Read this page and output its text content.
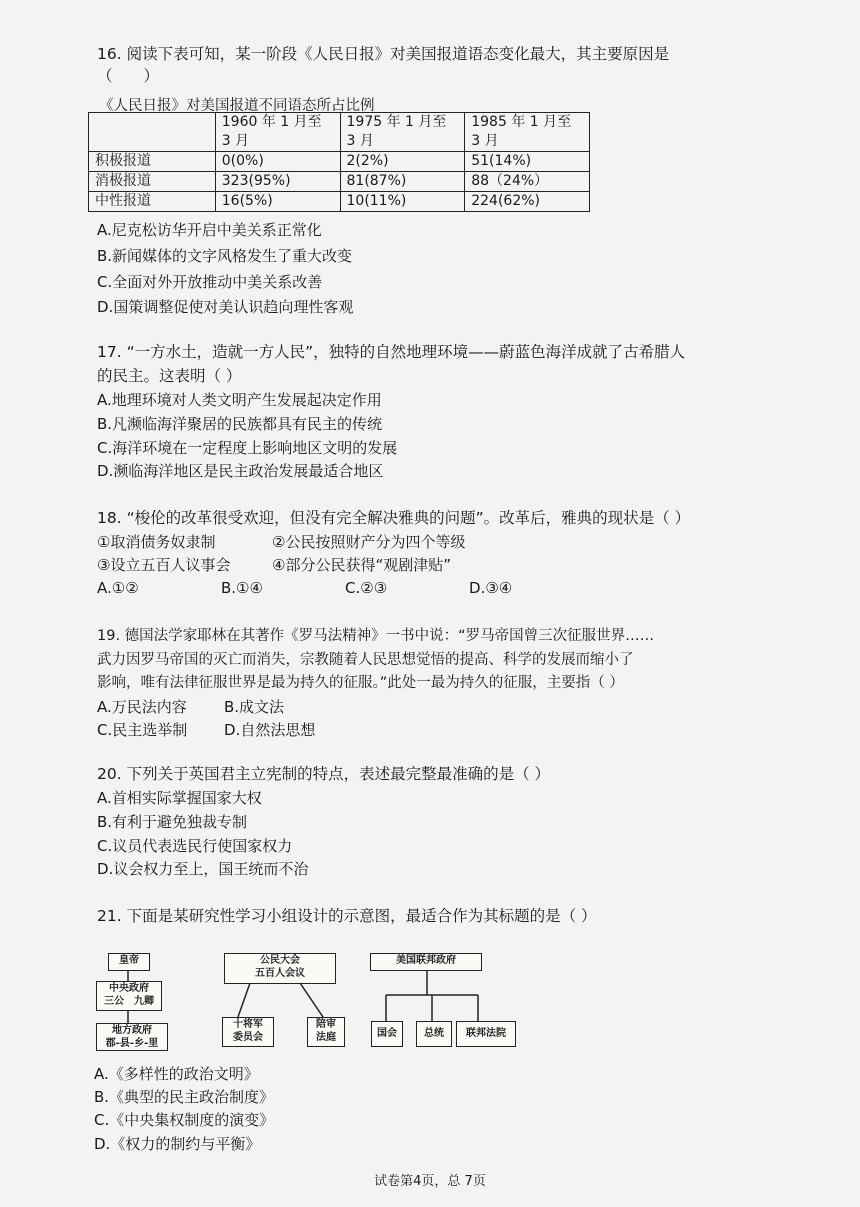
16. 阅读下表可知，某一阶段《人民日报》对美国报道语态变化最大，其主要原因是
（　　）
《人民日报》对美国报道不同语态所占比例
	1960 年 1 月至 3 月	1975 年 1 月至 3 月	1985 年 1 月至 3 月
积极报道	0(0%)	2(2%)	51(14%)
消极报道	323(95%)	81(87%)	88（24%）
中性报道	16(5%)	10(11%)	224(62%)
A.尼克松访华开启中美关系正常化
B.新闻媒体的文字风格发生了重大改变
C.全面对外开放推动中美关系改善
D.国策调整促使对美认识趋向理性客观
17. “一方水土，造就一方人民”，独特的自然地理环境——蔚蓝色海洋成就了古希腊人
的民主。这表明（ ）
A.地理环境对人类文明产生发展起决定作用
B.凡濒临海洋聚居的民族都具有民主的传统
C.海洋环境在一定程度上影响地区文明的发展
D.濒临海洋地区是民主政治发展最适合地区
18. “梭伦的改革很受欢迎，但没有完全解决雅典的问题”。改革后，雅典的现状是（ ）
①取消债务奴隶制	②公民按照财产分为四个等级
③设立五百人议事会	④部分公民获得“观剧津贴”
A.①②	B.①④	C.②③	D.③④
19. 德国法学家耶林在其著作《罗马法精神》一书中说：“罗马帝国曾三次征服世界……
武力因罗马帝国的灭亡而消失，宗教随着人民思想觉悟的提高、科学的发展而缩小了
影响，唯有法律征服世界是最为持久的征服。”此处一最为持久的征服，主要指（ ）
A.万民法内容 B.成文法
C.民主选举制 D.自然法思想
20. 下列关于英国君主立宪制的特点，表述最完整最准确的是（ ）
A.首相实际掌握国家大权
B.有利于避免独裁专制
C.议员代表选民行使国家权力
D.议会权力至上，国王统而不治
21. 下面是某研究性学习小组设计的示意图，最适合作为其标题的是（ ）
皇帝
中央政府
三公　九卿
地方政府
郡-县-乡-里
公民大会
五百人会议
十将军
委员会
陪审
法庭
美国联邦政府
国会	总统	联邦法院
A.《多样性的政治文明》
B.《典型的民主政治制度》
C.《中央集权制度的演变》
D.《权力的制约与平衡》
试卷第4页，总 7页
